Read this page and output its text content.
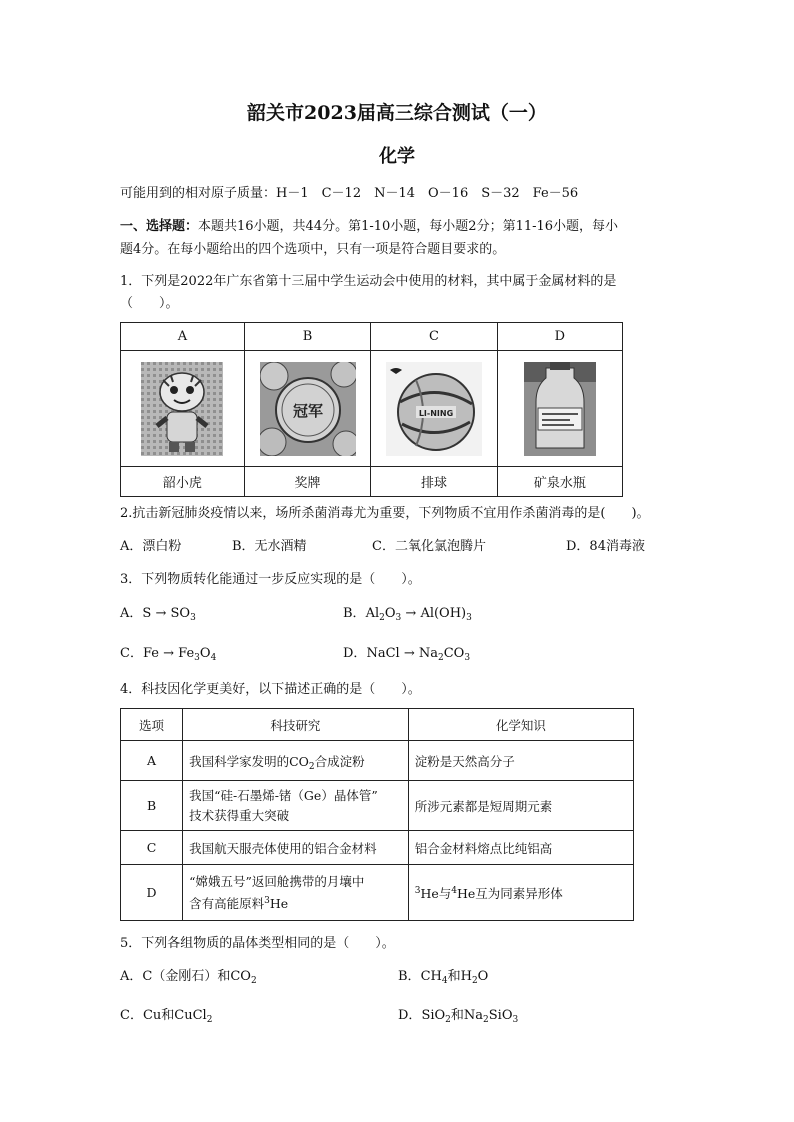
韶关市2023届高三综合测试（一）
化学

可能用到的相对原子质量：H－1　C－12　N－14　O－16　S－32　Fe－56

一、选择题：本题共16小题，共44分。第1-10小题，每小题2分；第11-16小题，每小

题4分。在每小题给出的四个选项中，只有一项是符合题目要求的。

1．下列是2022年广东省第十三届中学生运动会中使用的材料，其中属于金属材料的是

（　　）。

A	B	C	D

冠军	LI-NING

韶小虎	奖牌	排球	矿泉水瓶

2.抗击新冠肺炎疫情以来，场所杀菌消毒尤为重要，下列物质不宜用作杀菌消毒的是(　　)。

A．漂白粉	B．无水酒精	C．二氧化氯泡腾片	D．84消毒液

3．下列物质转化能通过一步反应实现的是（　　）。

A．$S \to SO_3$	B．$Al_2O_3 \to Al(OH)_3$
C．$Fe \to Fe_3O_4$	D．NaCl → $Na_2CO_3$

4．科技因化学更美好，以下描述正确的是（　　）。

选项	科技研究	化学知识
A	我国科学家发明的$CO_2$合成淀粉	淀粉是天然高分子
B	我国“硅-石墨烯-锗（Ge）晶体管”
技术获得重大突破	所涉元素都是短周期元素
C	我国航天服壳体使用的铝合金材料	铝合金材料熔点比纯铝高
D	“嫦娥五号”返回舱携带的月壤中
含有高能原料$^3$He	$^3$He与$^4$He互为同素异形体

5．下列各组物质的晶体类型相同的是（　　）。

A．C（金刚石）和$CO_2$	B．$CH_4$和$H_2O$
C．Cu和CuCl$_2$	D．SiO$_2$和$Na_2SiO_3$
